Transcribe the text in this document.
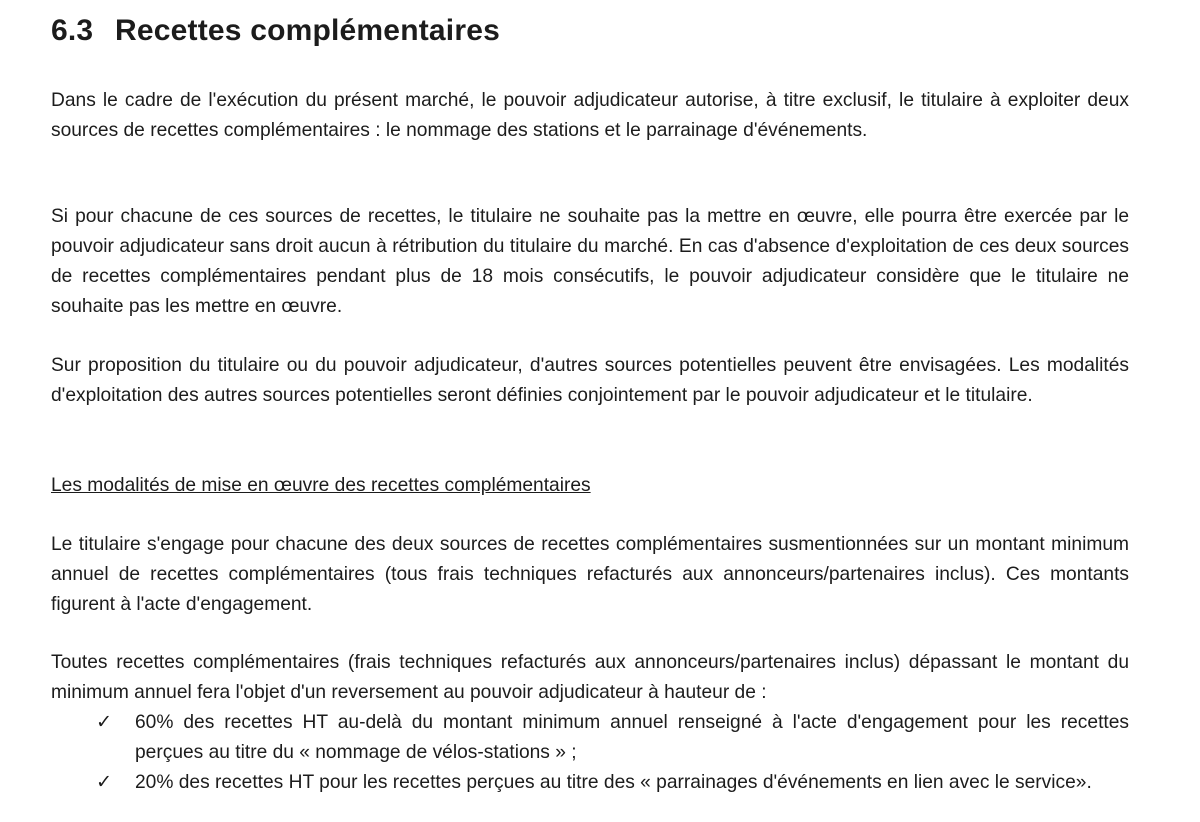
6.3 Recettes complémentaires

Dans le cadre de l'exécution du présent marché, le pouvoir adjudicateur autorise, à titre exclusif, le titulaire à exploiter deux sources de recettes complémentaires : le nommage des stations et le parrainage d'événements.

Si pour chacune de ces sources de recettes, le titulaire ne souhaite pas la mettre en œuvre, elle pourra être exercée par le pouvoir adjudicateur sans droit aucun à rétribution du titulaire du marché. En cas d'absence d'exploitation de ces deux sources de recettes complémentaires pendant plus de 18 mois consécutifs, le pouvoir adjudicateur considère que le titulaire ne souhaite pas les mettre en œuvre.

Sur proposition du titulaire ou du pouvoir adjudicateur, d'autres sources potentielles peuvent être envisagées. Les modalités d'exploitation des autres sources potentielles seront définies conjointement par le pouvoir adjudicateur et le titulaire.

Les modalités de mise en œuvre des recettes complémentaires

Le titulaire s'engage pour chacune des deux sources de recettes complémentaires susmentionnées sur un montant minimum annuel de recettes complémentaires (tous frais techniques refacturés aux annonceurs/partenaires inclus). Ces montants figurent à l'acte d'engagement.

Toutes recettes complémentaires (frais techniques refacturés aux annonceurs/partenaires inclus) dépassant le montant du minimum annuel fera l'objet d'un reversement au pouvoir adjudicateur à hauteur de :

✓ 60% des recettes HT au-delà du montant minimum annuel renseigné à l'acte d'engagement pour les recettes perçues au titre du « nommage de vélos-stations » ;
✓ 20% des recettes HT pour les recettes perçues au titre des « parrainages d'événements en lien avec le service».
